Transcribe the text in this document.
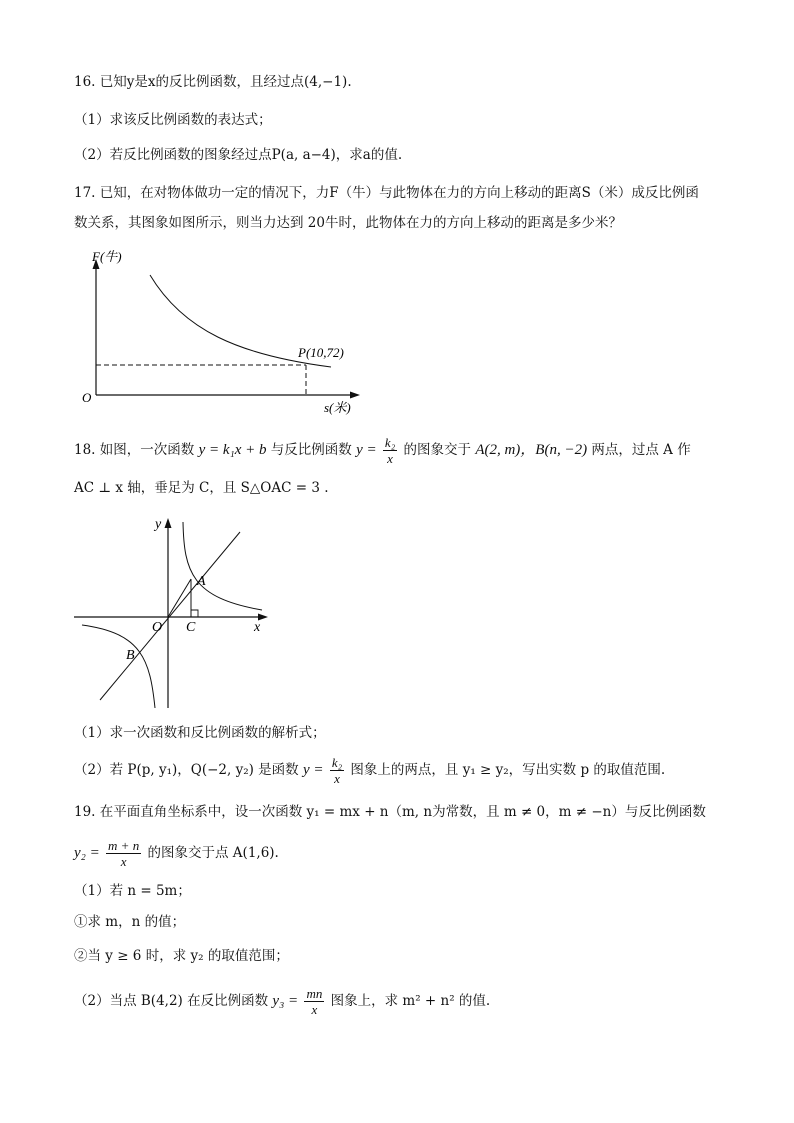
16. 已知y是x的反比例函数，且经过点(4,−1).
（1）求该反比例函数的表达式；
（2）若反比例函数的图象经过点P(a, a−4)，求a的值.
17. 已知，在对物体做功一定的情况下，力F（牛）与此物体在力的方向上移动的距离S（米）成反比例函
数关系，其图象如图所示，则当力达到 20牛时，此物体在力的方向上移动的距离是多少米？
F(牛)
s(米)
O
P(10,72)
18. 如图，一次函数 y = k₁x + b 与反比例函数 $y = \frac{\text{k₂}}{x}$ 的图象交于 A(2, m)，B(n, −2) 两点，过点 A 作
AC ⊥ x 轴，垂足为 C，且 S△OAC = 3 .
y
x
O
A
C
B
（1）求一次函数和反比例函数的解析式；
（2）若 P(p, y₁)，Q(−2, y₂) 是函数 $y = \frac{\text{k₂}}{x}$ 图象上的两点，且 y₁ ≥ y₂，写出实数 p 的取值范围.
19. 在平面直角坐标系中，设一次函数 y₁ = mx + n（m, n为常数，且 m ≠ 0，m ≠ −n）与反比例函数
$y_2 = \frac{m + n}{x}$ 的图象交于点 A(1,6).
（1）若 n = 5m；
①求 m，n 的值；
②当 y ≥ 6 时，求 y₂ 的取值范围；
（2）当点 B(4,2) 在反比例函数 $y_3 = \frac{mn}{x}$ 图象上，求 m² + n² 的值.
